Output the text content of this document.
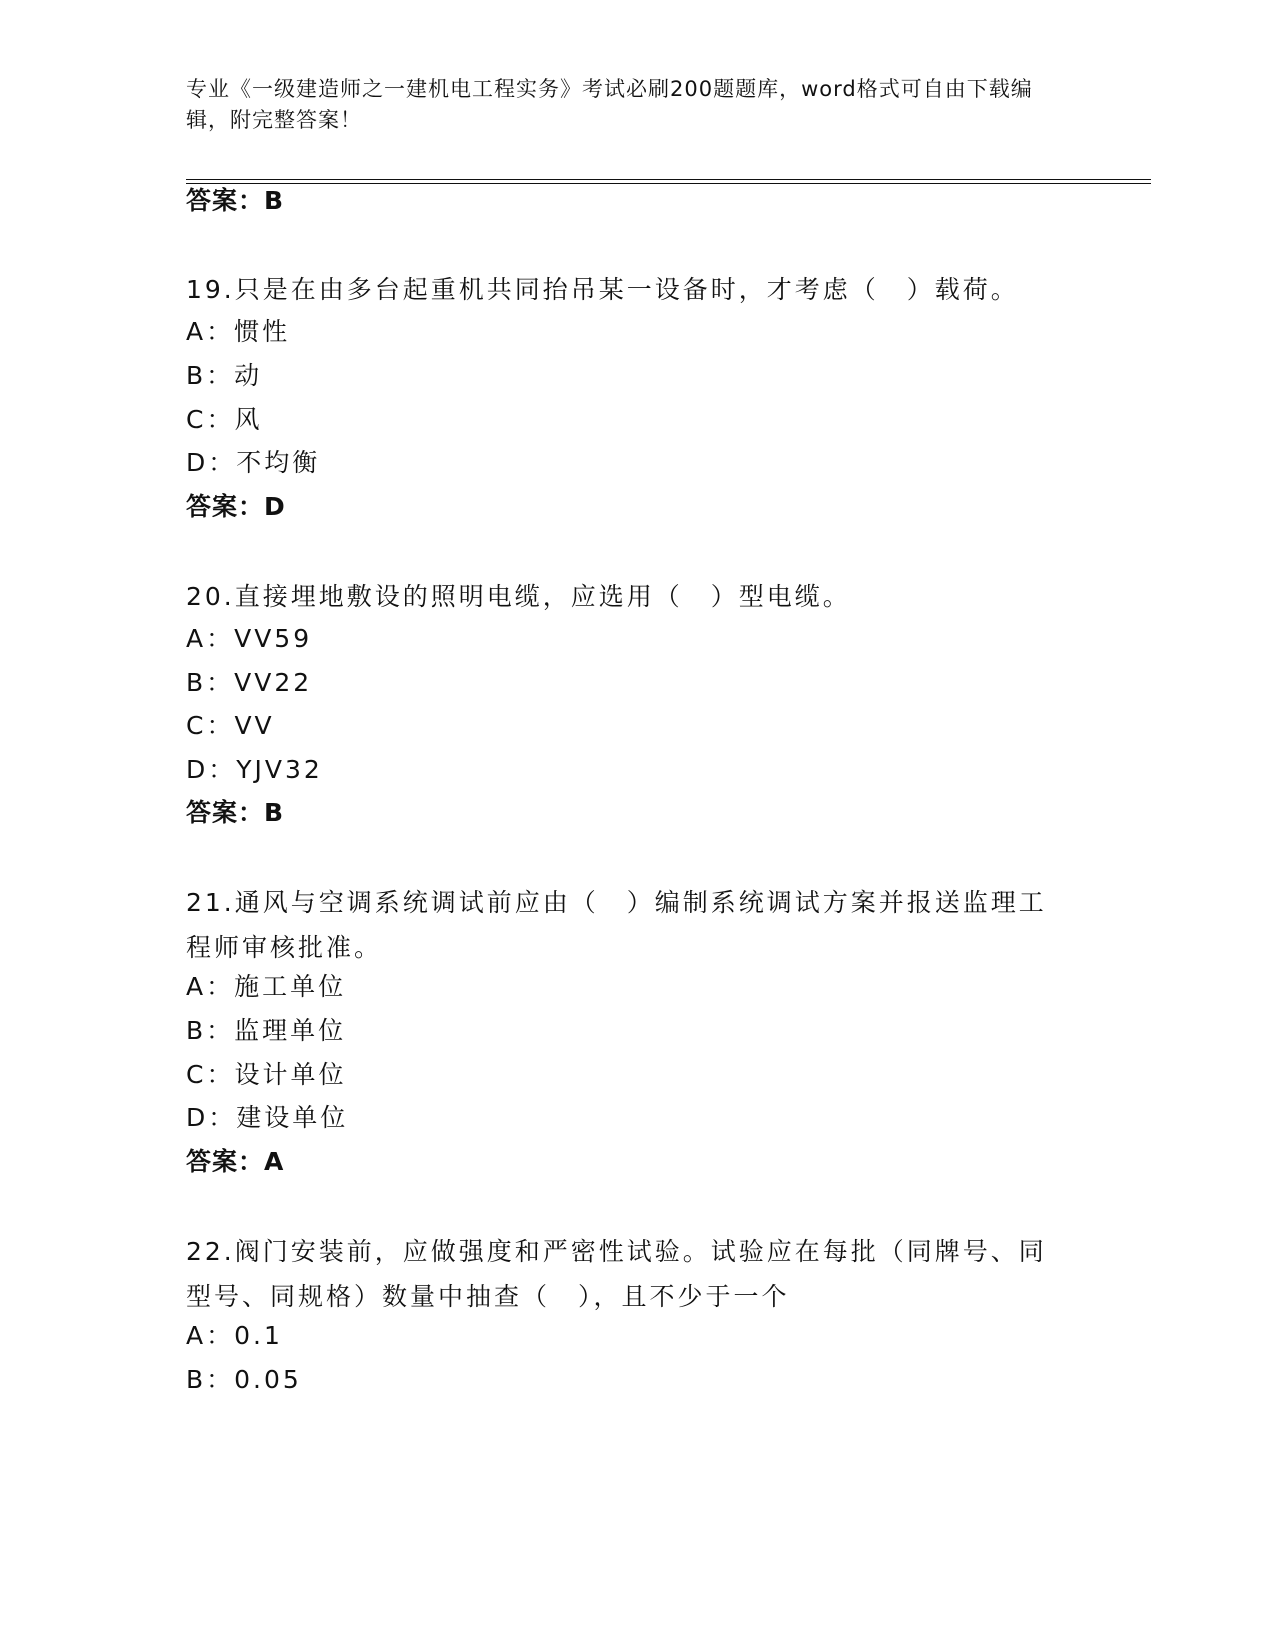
专业《一级建造师之一建机电工程实务》考试必刷200题题库，word格式可自由下载编辑，附完整答案！
答案：B
19.只是在由多台起重机共同抬吊某一设备时，才考虑（　）载荷。
A：惯性
B：动
C：风
D：不均衡
答案：D
20.直接埋地敷设的照明电缆，应选用（　）型电缆。
A：VV59
B：VV22
C：VV
D：YJV32
答案：B
21.通风与空调系统调试前应由（　）编制系统调试方案并报送监理工程师审核批准。
A：施工单位
B：监理单位
C：设计单位
D：建设单位
答案：A
22.阀门安装前，应做强度和严密性试验。试验应在每批（同牌号、同型号、同规格）数量中抽查（　），且不少于一个
A：0.1
B：0.05
